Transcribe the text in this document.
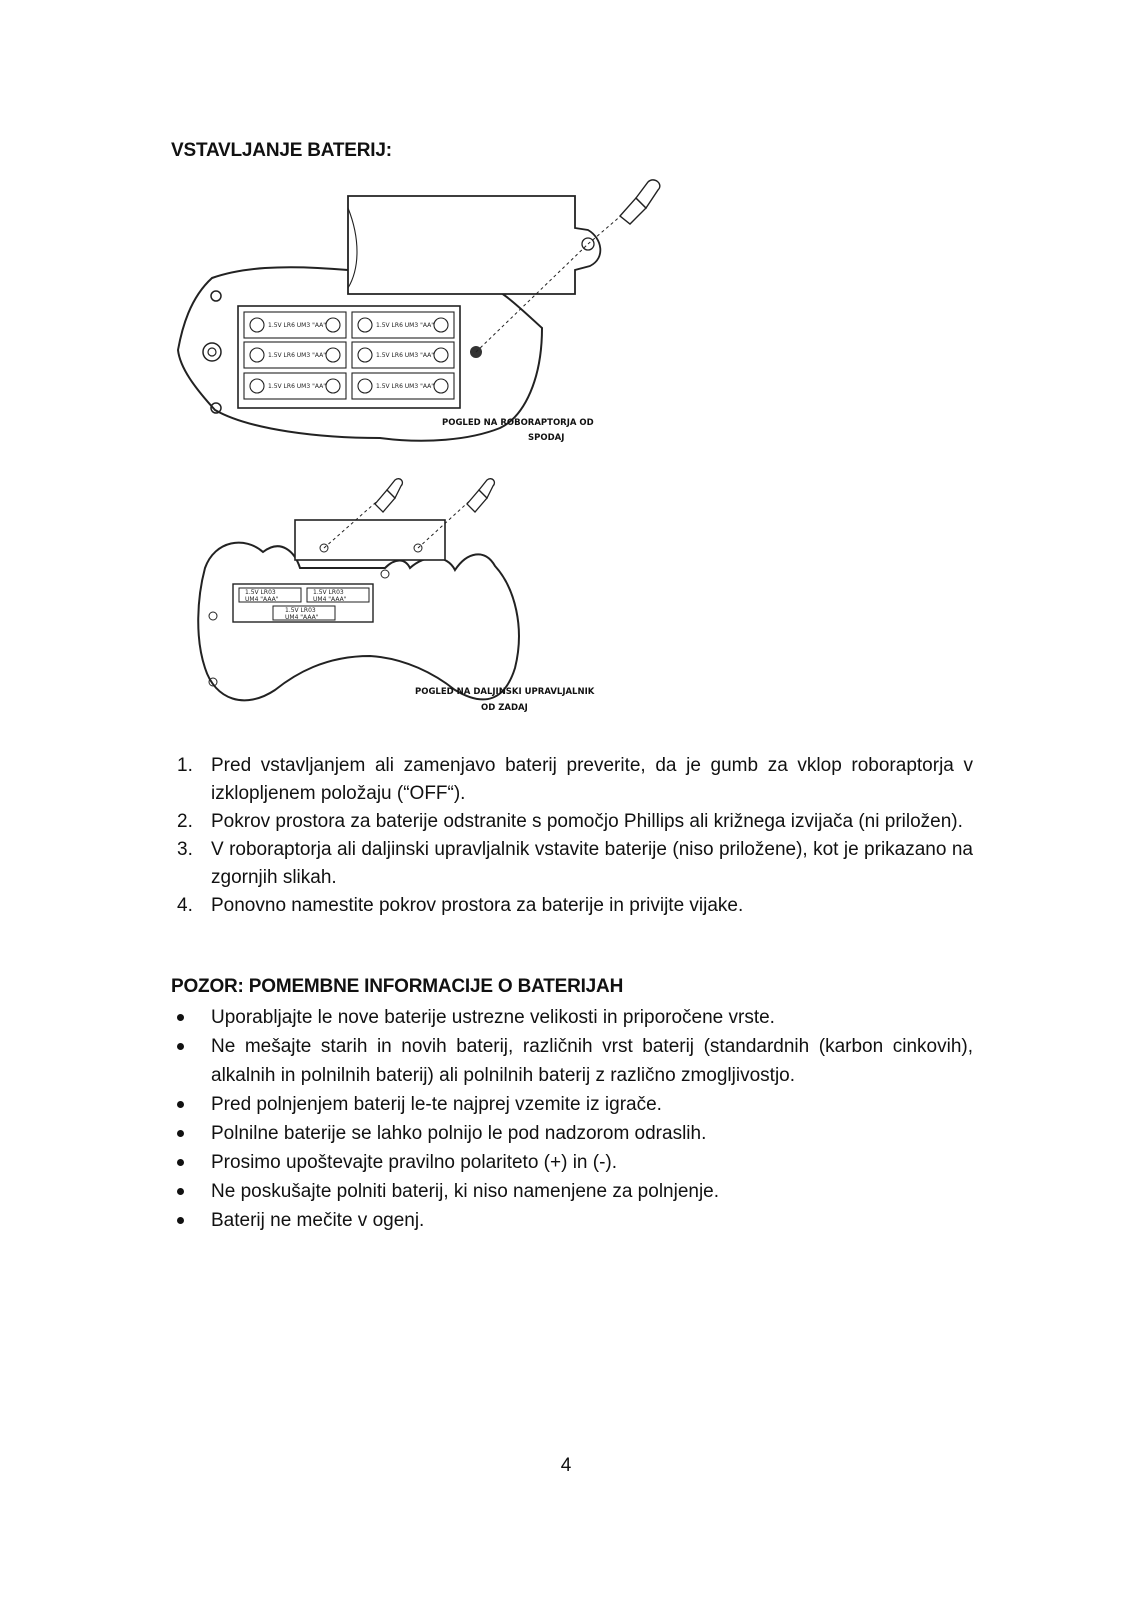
VSTAVLJANJE BATERIJ:
1.5V LR6 UM3 "AA"	1.5V LR6 UM3 "AA"
1.5V LR6 UM3 "AA"	1.5V LR6 UM3 "AA"
1.5V LR6 UM3 "AA"	1.5V LR6 UM3 "AA"
POGLED NA ROBORAPTORJA OD
SPODAJ
1.5V LR03
UM4 "AAA"
1.5V LR03
UM4 "AAA"
1.5V LR03
UM4 "AAA"
POGLED NA DALJINSKI UPRAVLJALNIK
OD ZADAJ
1. Pred vstavljanjem ali zamenjavo baterij preverite, da je gumb za vklop roboraptorja v izklopljenem položaju (“OFF“).
2. Pokrov prostora za baterije odstranite s pomočjo Phillips ali križnega izvijača (ni priložen).
3. V roboraptorja ali daljinski upravljalnik vstavite baterije (niso priložene), kot je prikazano na zgornjih slikah.
4. Ponovno namestite pokrov prostora za baterije in privijte vijake.
POZOR: POMEMBNE INFORMACIJE O BATERIJAH
Uporabljajte le nove baterije ustrezne velikosti in priporočene vrste.
Ne mešajte starih in novih baterij, različnih vrst baterij (standardnih (karbon cinkovih), alkalnih in polnilnih baterij) ali polnilnih baterij z različno zmogljivostjo.
Pred polnjenjem baterij le-te najprej vzemite iz igrače.
Polnilne baterije se lahko polnijo le pod nadzorom odraslih.
Prosimo upoštevajte pravilno polariteto (+) in (-).
Ne poskušajte polniti baterij, ki niso namenjene za polnjenje.
Baterij ne mečite v ogenj.
4
